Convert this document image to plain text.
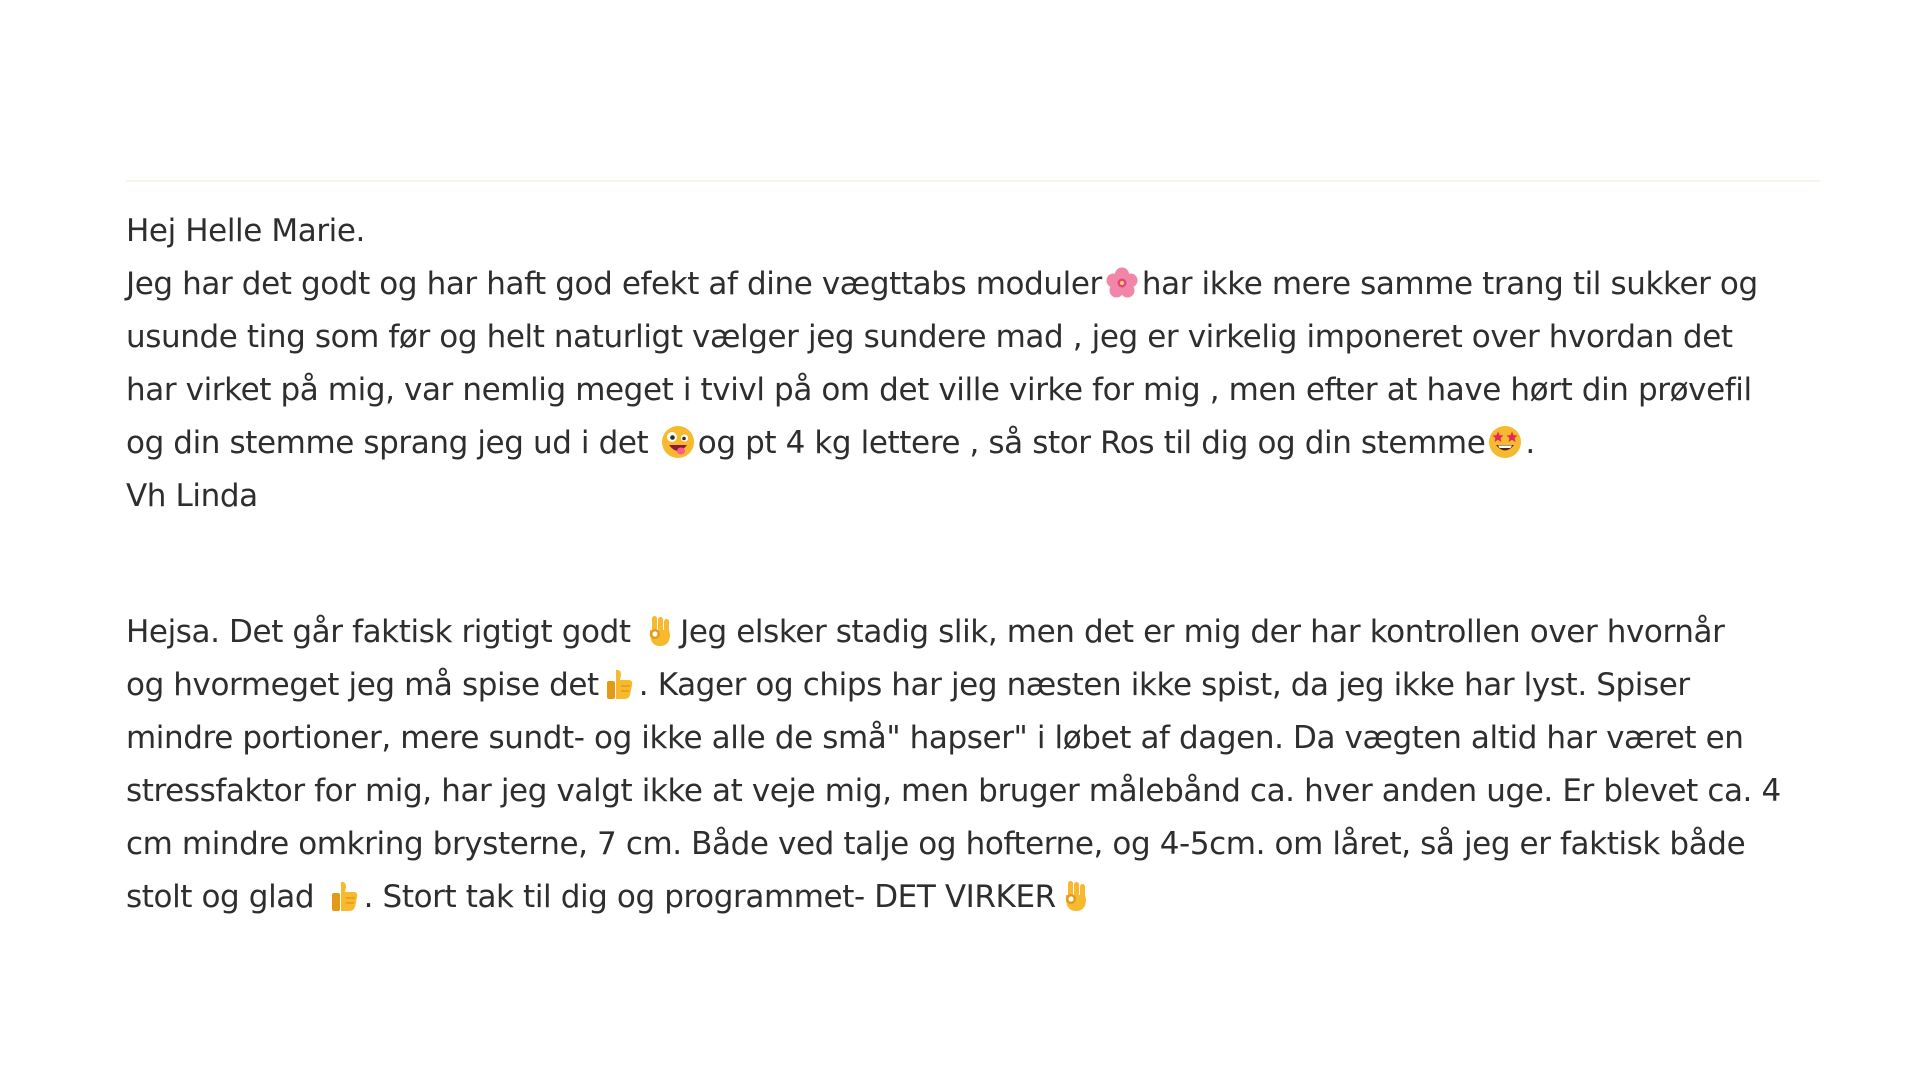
Hej Helle Marie.
Jeg har det godt og har haft god efekt af dine vægttabs moduler har ikke mere samme trang til sukker og
usunde ting som før og helt naturligt vælger jeg sundere mad , jeg er virkelig imponeret over hvordan det
har virket på mig, var nemlig meget i tvivl på om det ville virke for mig , men efter at have hørt din prøvefil
og din stemme sprang jeg ud i det og pt 4 kg lettere , så stor Ros til dig og din stemme .
Vh Linda
Hejsa. Det går faktisk rigtigt godt Jeg elsker stadig slik, men det er mig der har kontrollen over hvornår
og hvormeget jeg må spise det . Kager og chips har jeg næsten ikke spist, da jeg ikke har lyst. Spiser
mindre portioner, mere sundt- og ikke alle de små" hapser" i løbet af dagen. Da vægten altid har været en
stressfaktor for mig, har jeg valgt ikke at veje mig, men bruger målebånd ca. hver anden uge. Er blevet ca. 4
cm mindre omkring brysterne, 7 cm. Både ved talje og hofterne, og 4-5cm. om låret, så jeg er faktisk både
stolt og glad . Stort tak til dig og programmet- DET VIRKER
